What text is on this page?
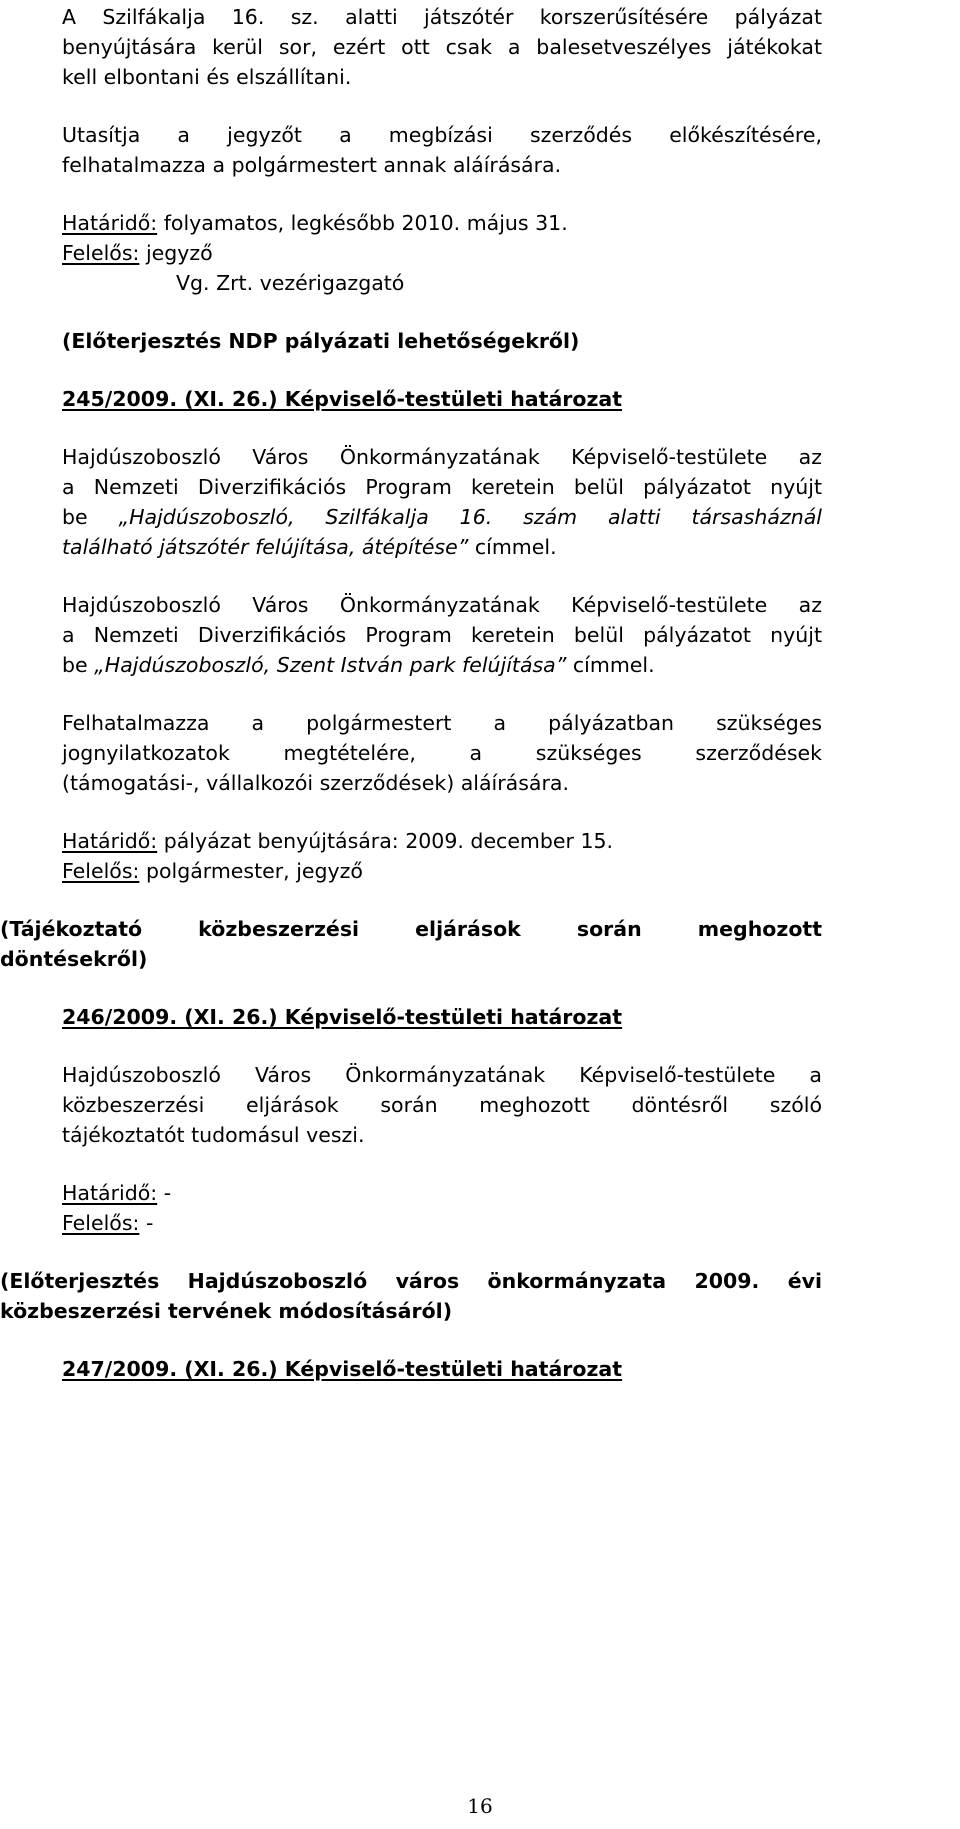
A Szilfákalja 16. sz. alatti játszótér korszerűsítésére pályázat
benyújtására kerül sor, ezért ott csak a balesetveszélyes játékokat
kell elbontani és elszállítani.
Utasítja a jegyzőt a megbízási szerződés előkészítésére,
felhatalmazza a polgármestert annak aláírására.
Határidő: folyamatos, legkésőbb 2010. május 31.
Felelős: jegyző
Vg. Zrt. vezérigazgató
(Előterjesztés NDP pályázati lehetőségekről)
245/2009. (XI. 26.) Képviselő-testületi határozat
Hajdúszoboszló Város Önkormányzatának Képviselő-testülete az
a Nemzeti Diverzifikációs Program keretein belül pályázatot nyújt
be „Hajdúszoboszló, Szilfákalja 16. szám alatti társasháznál
található játszótér felújítása, átépítése” címmel.
Hajdúszoboszló Város Önkormányzatának Képviselő-testülete az
a Nemzeti Diverzifikációs Program keretein belül pályázatot nyújt
be „Hajdúszoboszló, Szent István park felújítása” címmel.
Felhatalmazza a polgármestert a pályázatban szükséges
jognyilatkozatok megtételére, a szükséges szerződések
(támogatási-, vállalkozói szerződések) aláírására.
Határidő: pályázat benyújtására: 2009. december 15.
Felelős: polgármester, jegyző
(Tájékoztató közbeszerzési eljárások során meghozott
döntésekről)
246/2009. (XI. 26.) Képviselő-testületi határozat
Hajdúszoboszló Város Önkormányzatának Képviselő-testülete a
közbeszerzési eljárások során meghozott döntésről szóló
tájékoztatót tudomásul veszi.
Határidő: -
Felelős: -
(Előterjesztés Hajdúszoboszló város önkormányzata 2009. évi
közbeszerzési tervének módosításáról)
247/2009. (XI. 26.) Képviselő-testületi határozat
16
